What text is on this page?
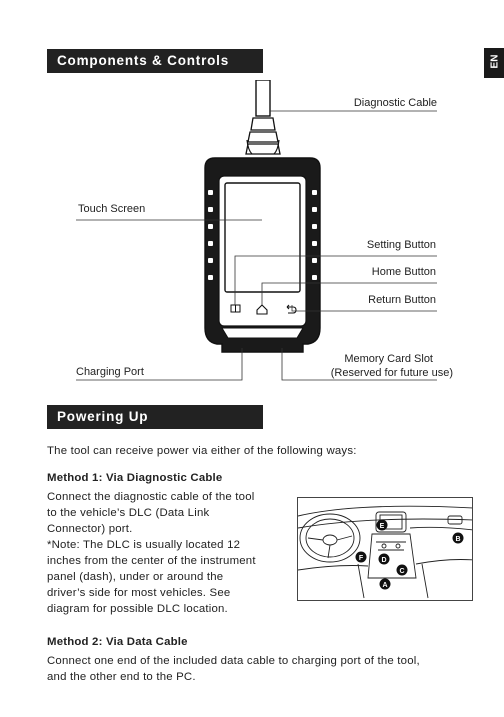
EN
Components & Controls
Diagnostic Cable
Touch Screen
Setting Button
Home Button
Return Button
Charging Port
Memory Card Slot
(Reserved for future use)
Powering Up
The tool can receive power via either of the following ways:
Method 1: Via Diagnostic Cable
Connect the diagnostic cable of the tool
to the vehicle’s DLC (Data Link
Connector) port.
*Note: The DLC is usually located 12
inches from the center of the instrument
panel (dash), under or around the
driver’s side for most vehicles. See
diagram for possible DLC location.
E
B
F	D
C
A
Method 2: Via Data Cable
Connect one end of the included data cable to charging port of the tool,
and the other end to the PC.
